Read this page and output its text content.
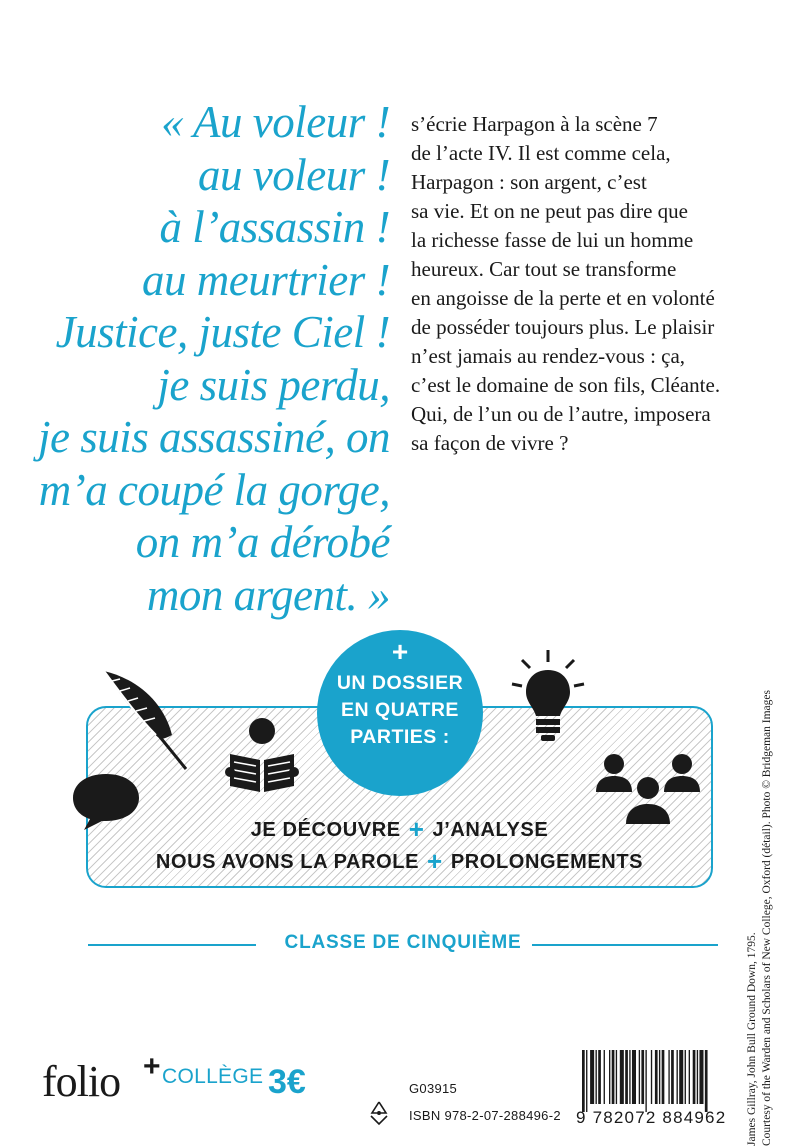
« Au voleur !
au voleur !
à l’assassin !
au meurtrier !
Justice, juste Ciel !
je suis perdu,
je suis assassiné, on
m’a coupé la gorge,
on m’a dérobé
mon argent. »
s’écrie Harpagon à la scène 7
de l’acte IV. Il est comme cela,
Harpagon : son argent, c’est
sa vie. Et on ne peut pas dire que
la richesse fasse de lui un homme
heureux. Car tout se transforme
en angoisse de la perte et en volonté
de posséder toujours plus. Le plaisir
n’est jamais au rendez-vous : ça,
c’est le domaine de son fils, Cléante.
Qui, de l’un ou de l’autre, imposera
sa façon de vivre ?
+
UN DOSSIER
EN QUATRE
PARTIES :
JE DÉCOUVRE + J’ANALYSE
NOUS AVONS LA PAROLE + PROLONGEMENTS
CLASSE DE CINQUIÈME
folio + COLLÈGE 3€	G03915
ISBN 978-2-07-288496-2 9 782072 884962	James Gillray, John Bull Ground Down, 1795. Courtesy of the Warden and Scholars of New College, Oxford (détail). Photo © Bridgeman Images
